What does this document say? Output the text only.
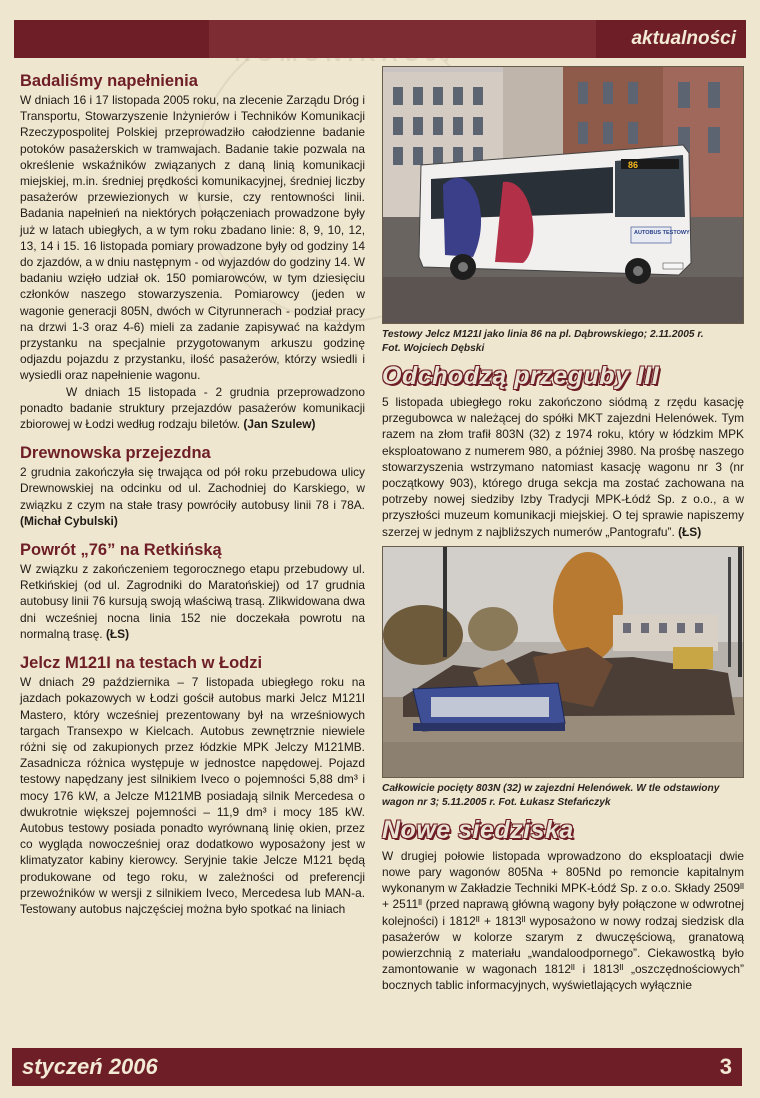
aktualności
Badaliśmy napełnienia

W dniach 16 i 17 listopada 2005 roku, na zlecenie Zarządu Dróg i Transportu, Stowarzyszenie Inżynierów i Techników Komunikacji Rzeczypospolitej Polskiej przeprowadziło całodzienne badanie potoków pasażerskich w tramwajach. Badanie takie pozwala na określenie wskaźników związanych z daną linią komunikacji miejskiej, m.in. średniej prędkości komunikacyjnej, średniej liczby pasażerów przewiezionych w kursie, czy rentowności linii. Badania napełnień na niektórych połączeniach prowadzone były już w latach ubiegłych, a w tym roku zbadano linie: 8, 9, 10, 12, 13, 14 i 15. 16 listopada pomiary prowadzone były od godziny 14 do zjazdów, a w dniu następnym - od wyjazdów do godziny 14. W badaniu wzięło udział ok. 150 pomiarowców, w tym dziesięciu członków naszego stowarzyszenia. Pomiarowcy (jeden w wagonie generacji 805N, dwóch w Cityrunnerach - podział pracy na drzwi 1-3 oraz 4-6) mieli za zadanie zapisywać na każdym przystanku na specjalnie przygotowanym arkuszu godzinę odjazdu pojazdu z przystanku, ilość pasażerów, którzy wsiedli i wysiedli oraz napełnienie wagonu.

W dniach 15 listopada - 2 grudnia przeprowadzono ponadto badanie struktury przejazdów pasażerów komunikacji zbiorowej w Łodzi według rodzaju biletów. (Jan Szulew)

Drewnowska przejezdna

2 grudnia zakończyła się trwająca od pół roku przebudowa ulicy Drewnowskiej na odcinku od ul. Zachodniej do Karskiego, w związku z czym na stałe trasy powróciły autobusy linii 78 i 78A. (Michał Cybulski)

Powrót „76” na Retkińską

W związku z zakończeniem tegorocznego etapu przebudowy ul. Retkińskiej (od ul. Zagrodniki do Maratońskiej) od 17 grudnia autobusy linii 76 kursują swoją właściwą trasą. Zlikwidowana dwa dni wcześniej nocna linia 152 nie doczekała powrotu na normalną trasę. (ŁS)

Jelcz M121I na testach w Łodzi

W dniach 29 października – 7 listopada ubiegłego roku na jazdach pokazowych w Łodzi gościł autobus marki Jelcz M121I Mastero, który wcześniej prezentowany był na wrześniowych targach Transexpo w Kielcach. Autobus zewnętrznie niewiele różni się od zakupionych przez łódzkie MPK Jelczy M121MB. Zasadnicza różnica występuje w jednostce napędowej. Pojazd testowy napędzany jest silnikiem Iveco o pojemności 5,88 dm³ i mocy 176 kW, a Jelcze M121MB posiadają silnik Mercedesa o dwukrotnie większej pojemności – 11,9 dm³ i mocy 185 kW. Autobus testowy posiada ponadto wyrównaną linię okien, przez co wygląda nowocześniej oraz dodatkowo wyposażony jest w klimatyzator kabiny kierowcy. Seryjnie takie Jelcze M121 będą produkowane od tego roku, w zależności od preferencji przewoźników w wersji z silnikiem Iveco, Mercedesa lub MAN-a. Testowany autobus najczęściej można było spotkać na liniach

86
AUTOBUS TESTOWY
Testowy Jelcz M121I jako linia 86 na pl. Dąbrowskiego; 2.11.2005 r.
Fot. Wojciech Dębski
Odchodzą przeguby III

5 listopada ubiegłego roku zakończono siódmą z rzędu kasację przegubowca w należącej do spółki MKT zajezdni Helenówek. Tym razem na złom trafił 803N (32) z 1974 roku, który w łódzkim MPK eksploatowano z numerem 980, a później 3980. Na prośbę naszego stowarzyszenia wstrzymano natomiast kasację wagonu nr 3 (nr początkowy 903), którego druga sekcja ma zostać zachowana na potrzeby nowej siedziby Izby Tradycji MPK-Łódź Sp. z o.o., a w przyszłości muzeum komunikacji miejskiej. O tej sprawie napiszemy szerzej w jednym z najbliższych numerów „Pantografu”. (ŁS)

Całkowicie pocięty 803N (32) w zajezdni Helenówek. W tle odstawiony wagon nr 3; 5.11.2005 r. Fot. Łukasz Stefańczyk
Nowe siedziska

W drugiej połowie listopada wprowadzono do eksploatacji dwie nowe pary wagonów 805Na + 805Nd po remoncie kapitalnym wykonanym w Zakładzie Techniki MPK-Łódź Sp. z o.o. Składy 2509ᴵᴵ + 2511ᴵᴵ (przed naprawą główną wagony były połączone w odwrotnej kolejności) i 1812ᴵᴵ + 1813ᴵᴵ wyposażono w nowy rodzaj siedzisk dla pasażerów w kolorze szarym z dwuczęściową, granatową powierzchnią z materiału „wandaloodpornego”. Ciekawostką było zamontowanie w wagonach 1812ᴵᴵ i 1813ᴵᴵ „oszczędnościowych” bocznych tablic informacyjnych, wyświetlających wyłącznie

styczeń 2006	3
